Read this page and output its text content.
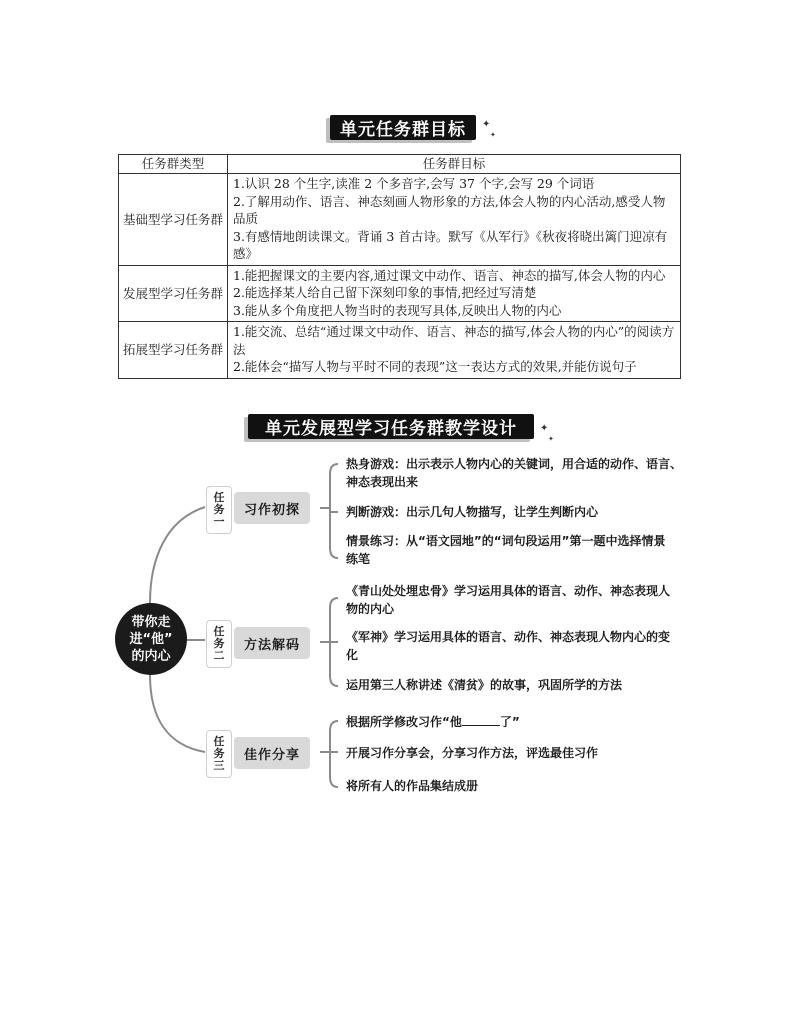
单元任务群目标	✦
✦
任务群类型	任务群目标
基础型学习任务群	1.认识 28 个生字,读准 2 个多音字,会写 37 个字,会写 29 个词语
2.了解用动作、语言、神态刻画人物形象的方法,体会人物的内心活动,感受人物品质
3.有感情地朗读课文。背诵 3 首古诗。默写《从军行》《秋夜将晓出篱门迎凉有感》

发展型学习任务群	1.能把握课文的主要内容,通过课文中动作、语言、神态的描写,体会人物的内心
2.能选择某人给自己留下深刻印象的事情,把经过写清楚
3.能从多个角度把人物当时的表现写具体,反映出人物的内心

拓展型学习任务群	1.能交流、总结“通过课文中动作、语言、神态的描写,体会人物的内心”的阅读方法
2.能体会“描写人物与平时不同的表现”这一表达方式的效果,并能仿说句子
单元发展型学习任务群教学设计	✦
✦
带你走
进“他”
的内心
任
务
一
习作初探
热身游戏：出示表示人物内心的关键词，用合适的动作、语言、神态表现出来
判断游戏：出示几句人物描写，让学生判断内心
情景练习：从“语文园地”的“词句段运用”第一题中选择情景练笔
任
务
二
方法解码
《青山处处埋忠骨》学习运用具体的语言、动作、神态表现人物的内心
《军神》学习运用具体的语言、动作、神态表现人物内心的变化
运用第三人称讲述《清贫》的故事，巩固所学的方法
任
务
三
佳作分享
根据所学修改习作“他	了”
开展习作分享会，分享习作方法，评选最佳习作
将所有人的作品集结成册
